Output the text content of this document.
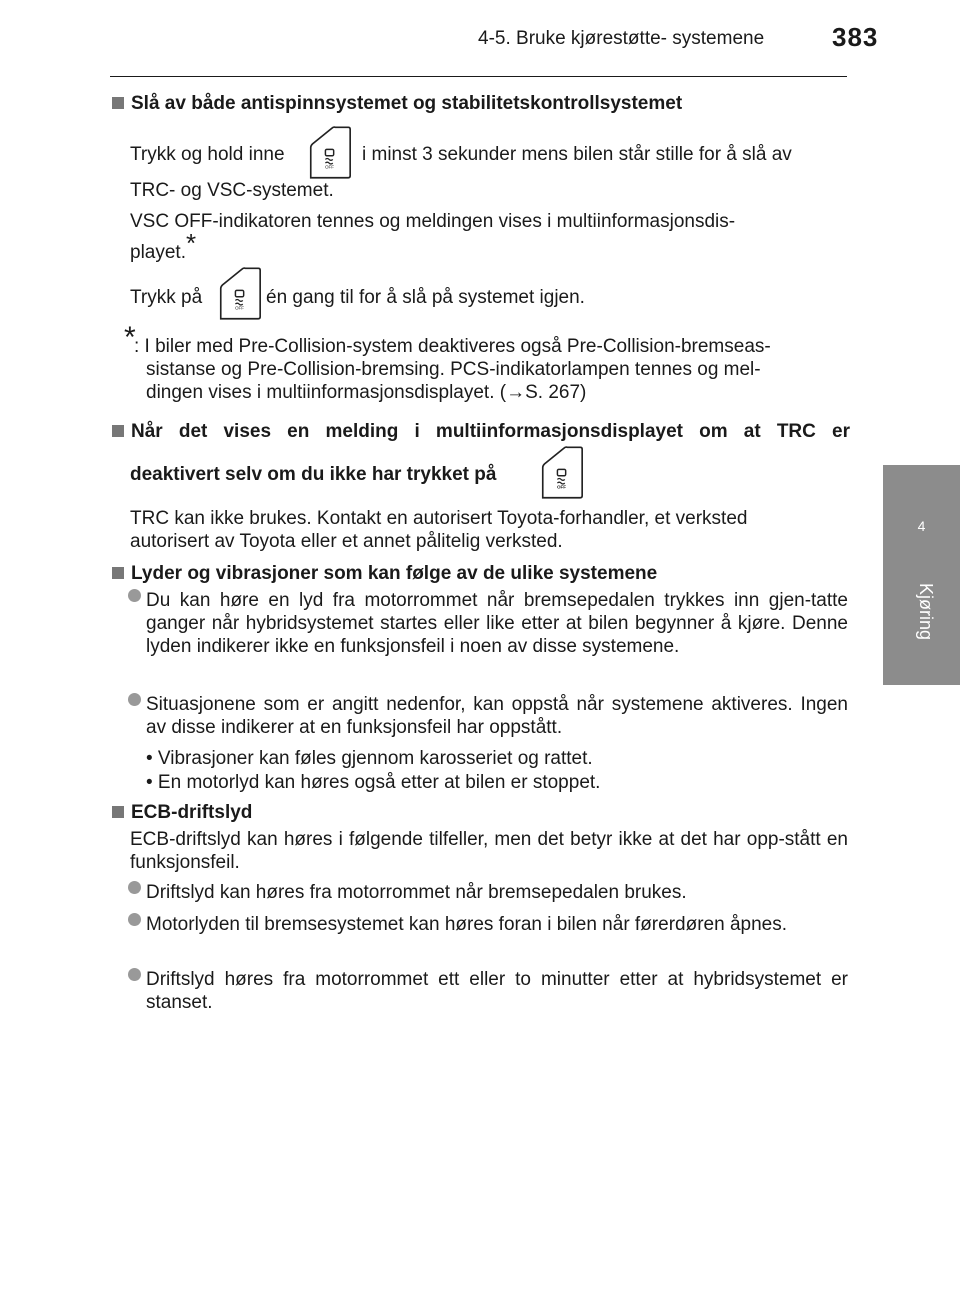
4-5. Bruke kjørestøtte- systemene	383
4
Kjøring
Slå av både antispinnsystemet og stabilitetskontrollsystemet
Trykk og hold inne	i minst 3 sekunder mens bilen står stille for å slå av
TRC- og VSC-systemet.
VSC OFF-indikatoren tennes og meldingen vises i multiinformasjonsdis-
playet.*
Trykk på	én gang til for å slå på systemet igjen.
*
: I biler med Pre-Collision-system deaktiveres også Pre-Collision-bremseas-
sistanse og Pre-Collision-bremsing. PCS-indikatorlampen tennes og mel-
dingen vises i multiinformasjonsdisplayet. (→S. 267)
Når det vises en melding i multiinformasjonsdisplayet om at TRC er
deaktivert selv om du ikke har trykket på
TRC kan ikke brukes. Kontakt en autorisert Toyota-forhandler, et verksted
autorisert av Toyota eller et annet pålitelig verksted.
Lyder og vibrasjoner som kan følge av de ulike systemene
Du kan høre en lyd fra motorrommet når bremsepedalen trykkes inn gjen-tatte ganger når hybridsystemet startes eller like etter at bilen begynner å kjøre. Denne lyden indikerer ikke en funksjonsfeil i noen av disse systemene.
Situasjonene som er angitt nedenfor, kan oppstå når systemene aktiveres. Ingen av disse indikerer at en funksjonsfeil har oppstått.
• Vibrasjoner kan føles gjennom karosseriet og rattet.
• En motorlyd kan høres også etter at bilen er stoppet.
ECB-driftslyd
ECB-driftslyd kan høres i følgende tilfeller, men det betyr ikke at det har opp-stått en funksjonsfeil.
Driftslyd kan høres fra motorrommet når bremsepedalen brukes.
Motorlyden til bremsesystemet kan høres foran i bilen når førerdøren åpnes.
Driftslyd høres fra motorrommet ett eller to minutter etter at hybridsystemet er stanset.
